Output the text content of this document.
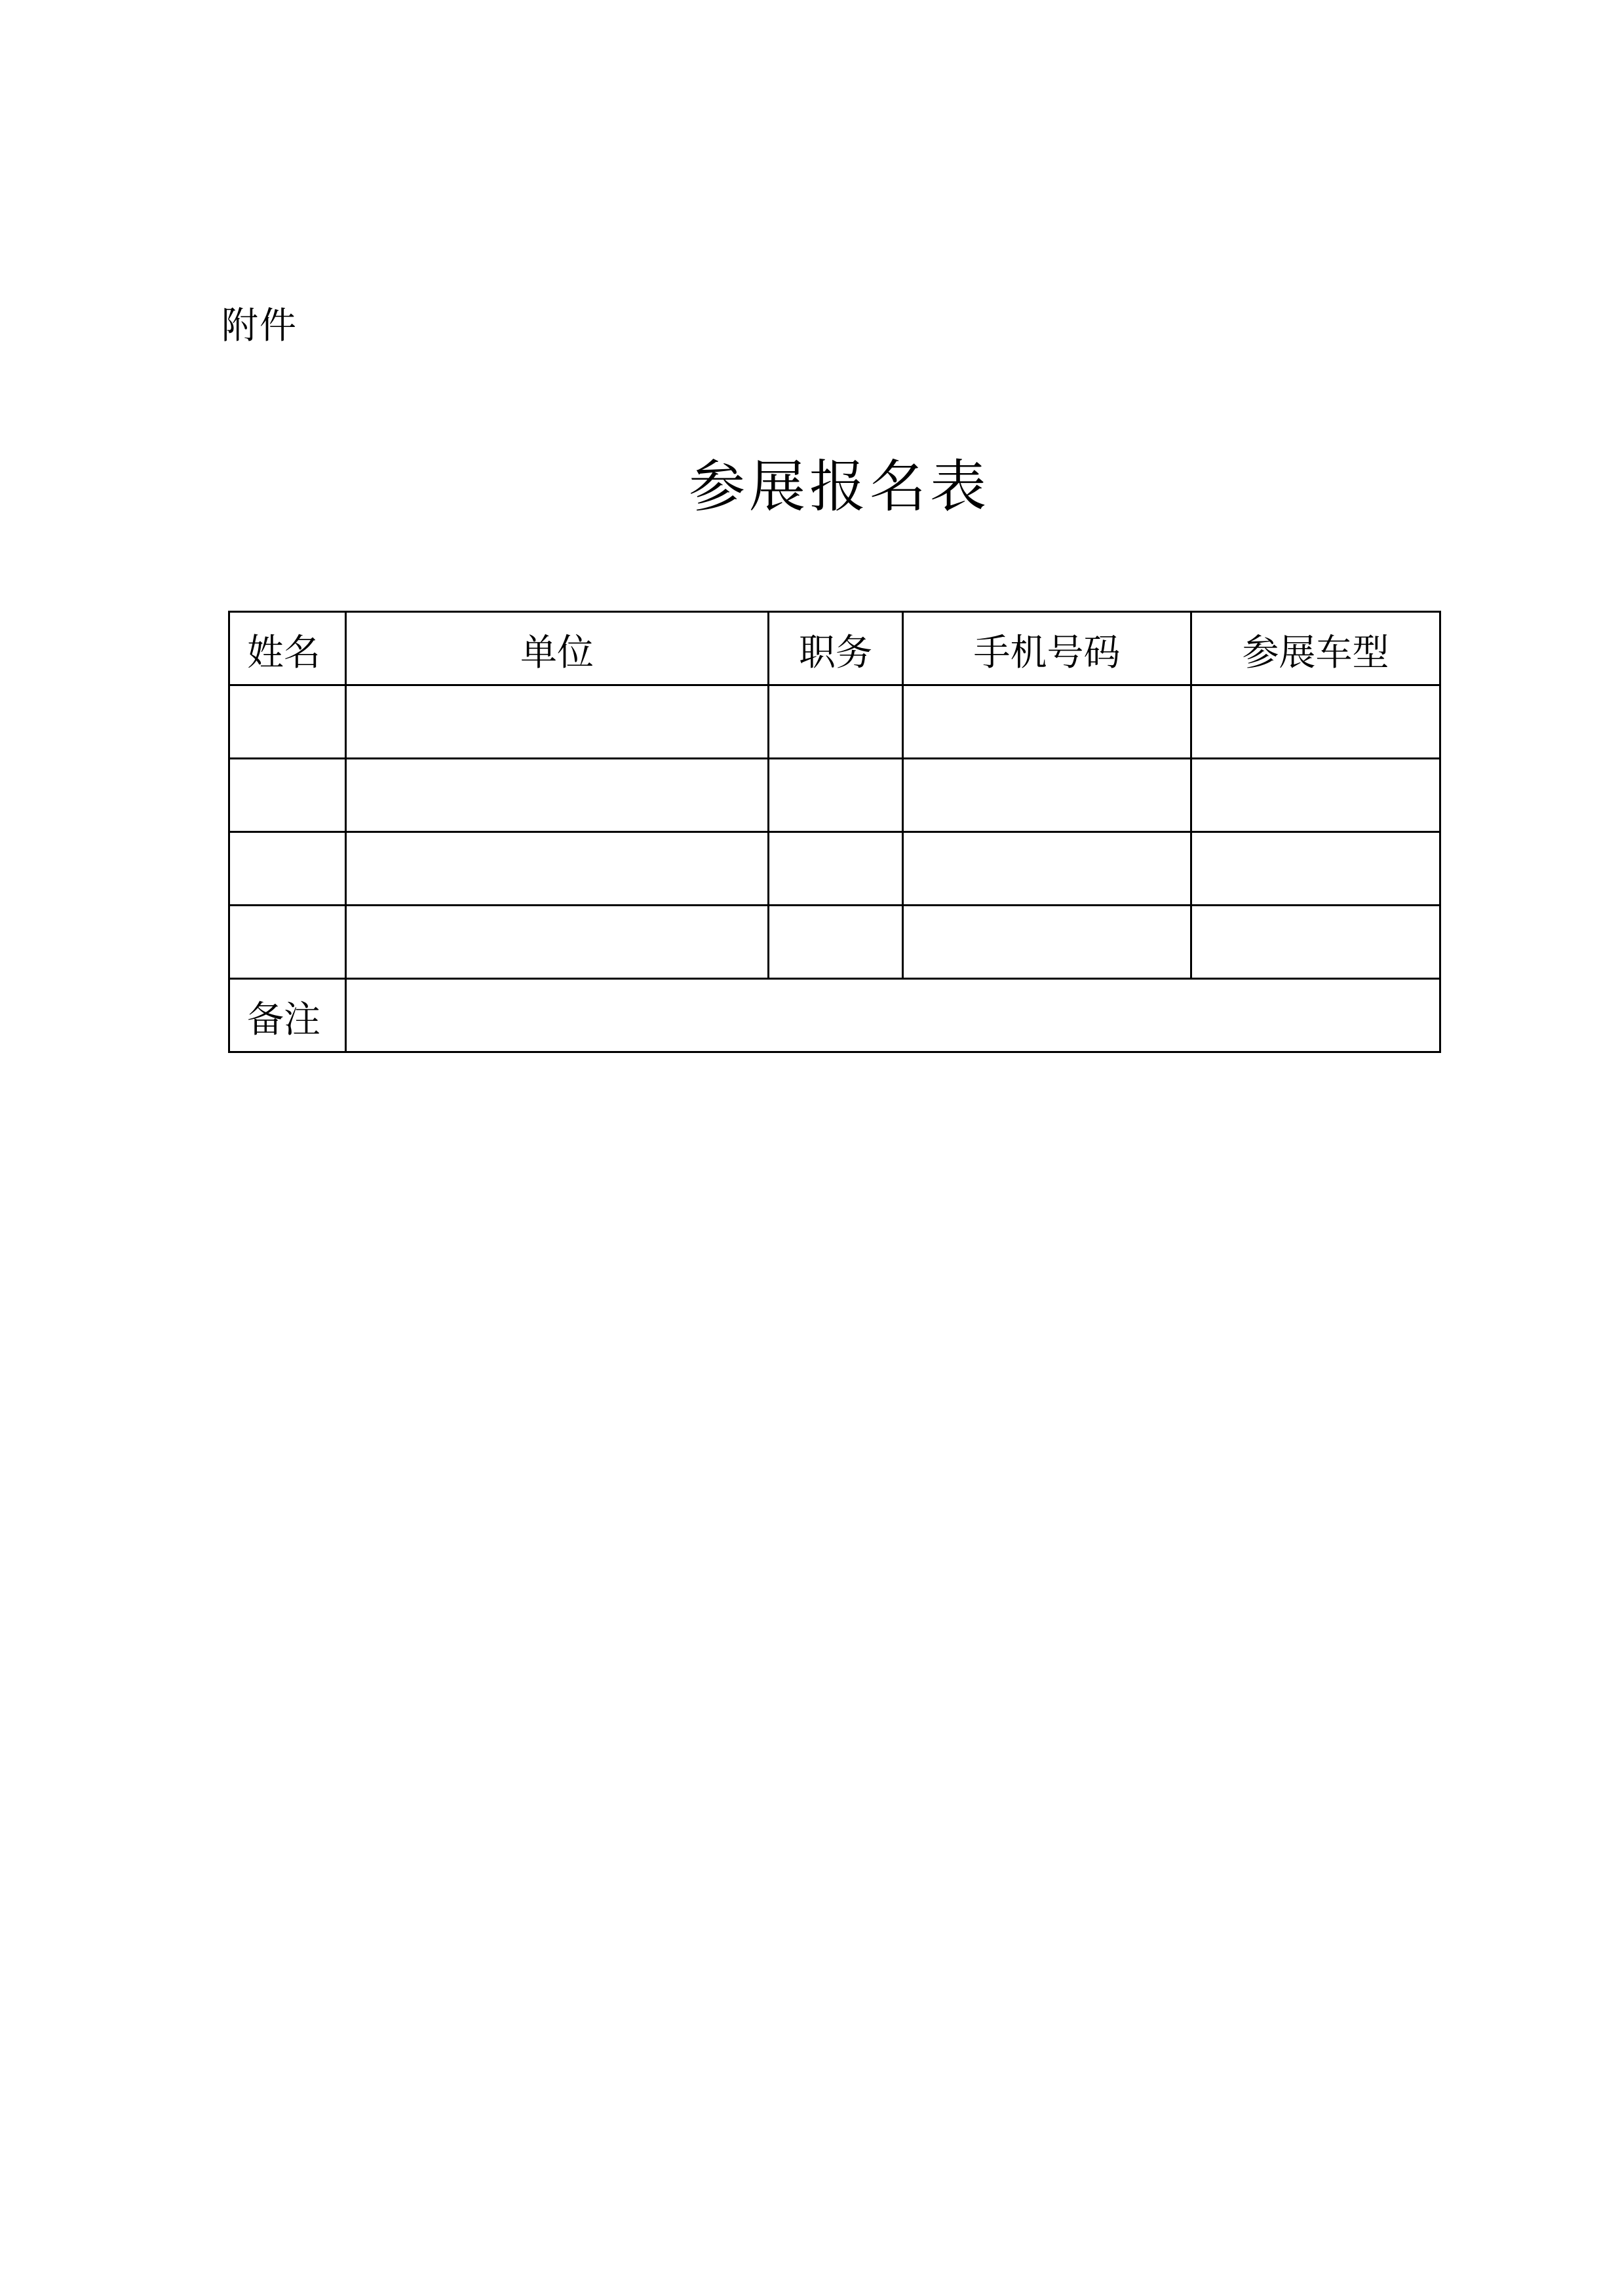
附件
参展报名表
姓名	单位	职务	手机号码	参展车型

备注				
